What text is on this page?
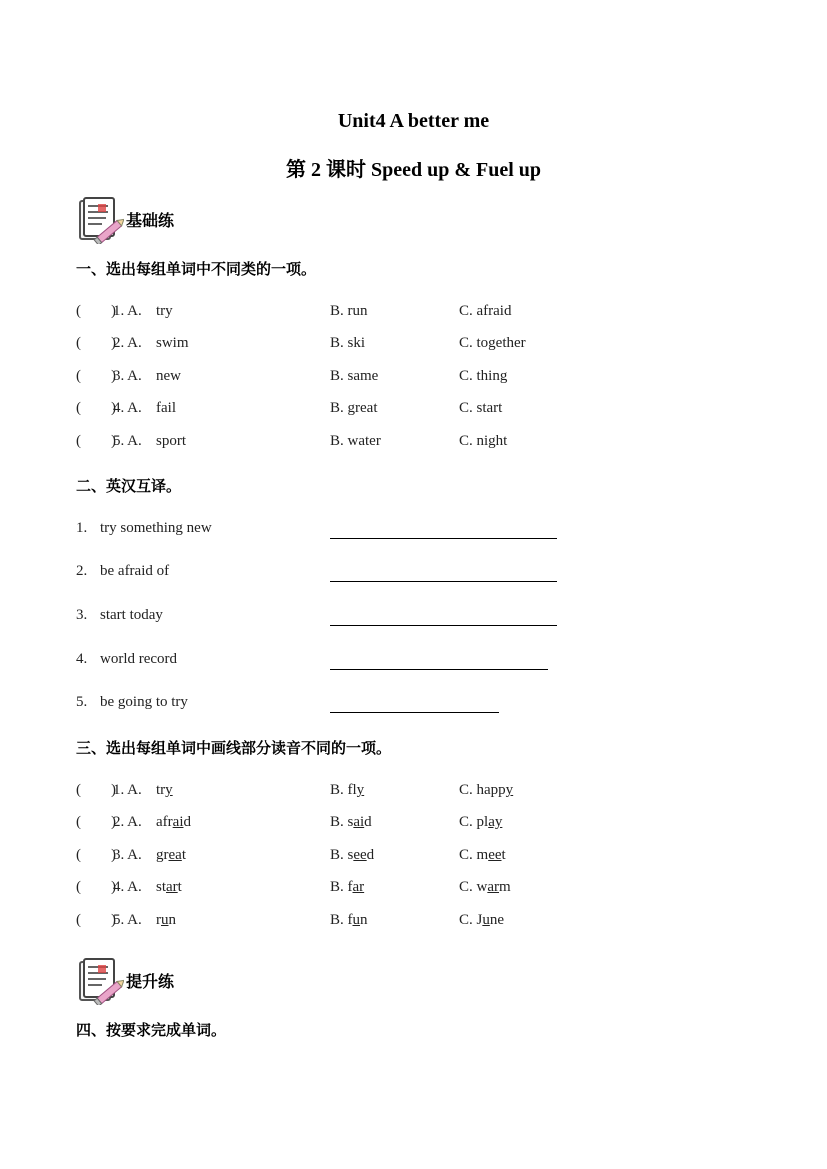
Unit4 A better me
第 2 课时 Speed up & Fuel up
基础练
一、选出每组单词中不同类的一项。
(        )
1. A. try	B. run	C. afraid
(        )
2. A. swim	B. ski	C. together
(        )
3. A. new	B. same	C. thing
(        )
4. A. fail	B. great	C. start
(        )
5. A. sport	B. water	C. night
二、英汉互译。
1. try something new
2. be afraid of
3. start today
4. world record
5. be going to try
三、选出每组单词中画线部分读音不同的一项。
(        )
1. A. try	B. fly	C. happy
(        )
2. A. afraid	B. said	C. play
(        )
3. A. great	B. seed	C. meet
(        )
4. A. start	B. far	C. warm
(        )
5. A. run	B. fun	C. June
提升练
四、按要求完成单词。
